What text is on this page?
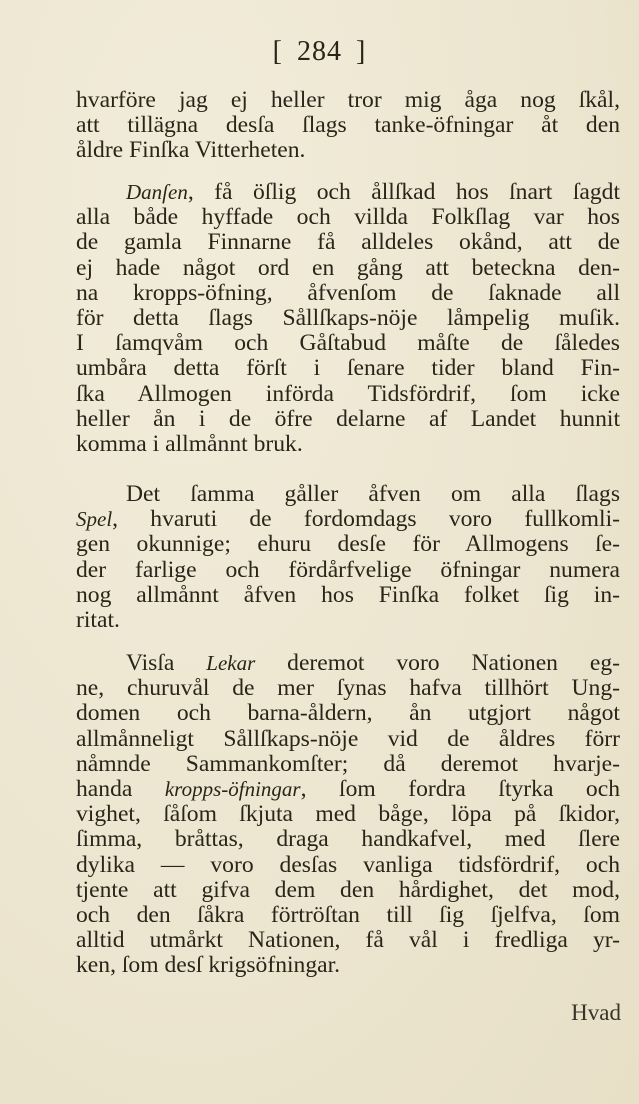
[ 284 ]
hvarföre jag ej heller tror mig åga nog ſkål,
att tillägna desſa ſlags tanke-öfningar åt den
åldre Finſka Vitterheten.
Danſen, få öſlig och ållſkad hos ſnart ſagdt
alla både hyffade och villda Folkſlag var hos
de gamla Finnarne få alldeles okånd, att de
ej hade något ord en gång att beteckna den-
na kropps-öfning, åfvenſom de ſaknade all
för detta ſlags Sållſkaps-nöje låmpelig muſik.
I ſamqvåm och Gåſtabud måſte de ſåledes
umbåra detta förſt i ſenare tider bland Fin-
ſka Allmogen införda Tidsfördrif, ſom icke
heller ån i de öfre delarne af Landet hunnit
komma i allmånnt bruk.
Det ſamma gåller åfven om alla ſlags
Spel, hvaruti de fordomdags voro fullkomli-
gen okunnige; ehuru desſe för Allmogens ſe-
der farlige och fördårfvelige öfningar numera
nog allmånnt åfven hos Finſka folket ſig in-
ritat.
Visſa Lekar deremot voro Nationen eg-
ne, churuvål de mer ſynas hafva tillhört Ung-
domen och barna-åldern, ån utgjort något
allmånneligt Sållſkaps-nöje vid de åldres förr
nåmnde Sammankomſter; då deremot hvarje-
handa kropps-öfningar, ſom fordra ſtyrka och
vighet, ſåſom ſkjuta med båge, löpa på ſkidor,
ſimma, bråttas, draga handkafvel, med ſlere
dylika — voro desſas vanliga tidsfördrif, och
tjente att gifva dem den hårdighet, det mod,
och den ſåkra förtröſtan till ſig ſjelfva, ſom
alltid utmårkt Nationen, få vål i fredliga yr-
ken, ſom desſ krigsöfningar.
Hvad
